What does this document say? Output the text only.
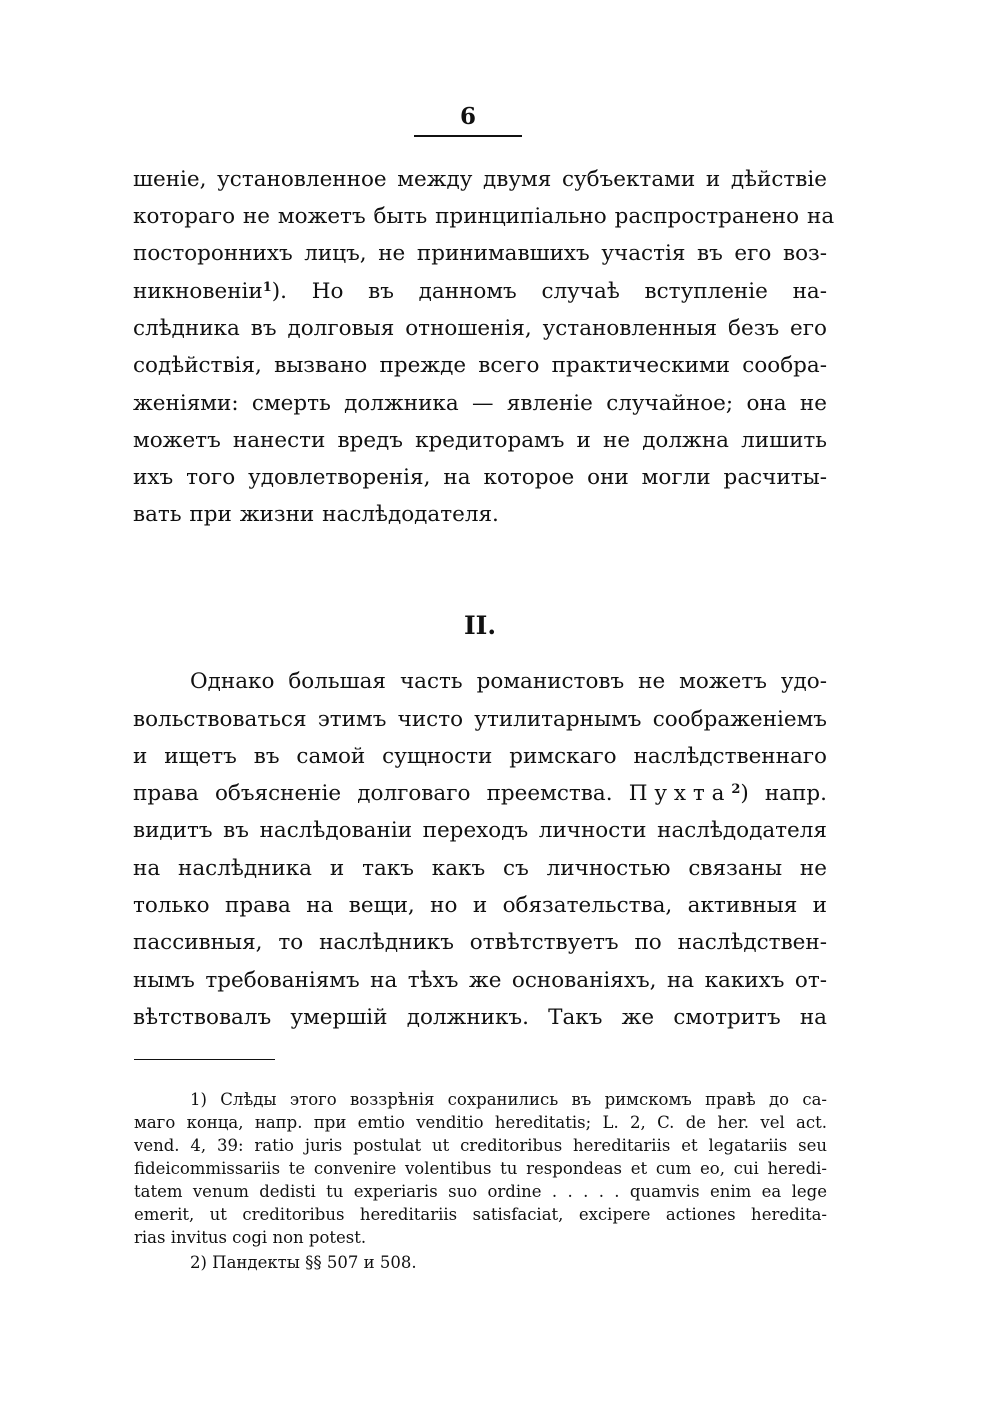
6
шеніе, установленное между двумя субъектами и дѣйствіе
котораго не можетъ быть принципіально распространено на
постороннихъ лицъ, не принимавшихъ участія въ его воз-
никновеніи$^1$). Но въ данномъ случаѣ вступленіе на-
слѣдника въ долговыя отношенія, установленныя безъ его
содѣйствія, вызвано прежде всего практическими сообра-
женіями: смерть должника — явленіе случайное; она не
можетъ нанести вредъ кредиторамъ и не должна лишить
ихъ того удовлетворенія, на которое они могли расчиты-
вать при жизни наслѣдодателя.
II.
Однако большая часть романистовъ не можетъ удо-
вольствоваться этимъ чисто утилитарнымъ соображеніемъ
и ищетъ въ самой сущности римскаго наслѣдственнаго
права объясненіе долговаго преемства. Пухта$^2$) напр.
видитъ въ наслѣдованіи переходъ личности наслѣдодателя
на наслѣдника и такъ какъ съ личностью связаны не
только права на вещи, но и обязательства, активныя и
пассивныя, то наслѣдникъ отвѣтствуетъ по наслѣдствен-
нымъ требованіямъ на тѣхъ же основаніяхъ, на какихъ от-
вѣтствовалъ умершій должникъ. Такъ же смотритъ на
1) Слѣды этого воззрѣнія сохранились въ римскомъ правѣ до са-
маго конца, напр. при emtio venditio hereditatis; L. 2, C. de her. vel act.
vend. 4, 39: ratio juris postulat ut creditoribus hereditariis et legatariis seu
fideicommissariis te convenire volentibus tu respondeas et cum eo, cui heredi-
tatem venum dedisti tu experiaris suo ordine . . . . . quamvis enim ea lege
emerit, ut creditoribus hereditariis satisfaciat, excipere actiones heredita-
rias invitus cogi non potest.
2) Пандекты §§ 507 и 508.
